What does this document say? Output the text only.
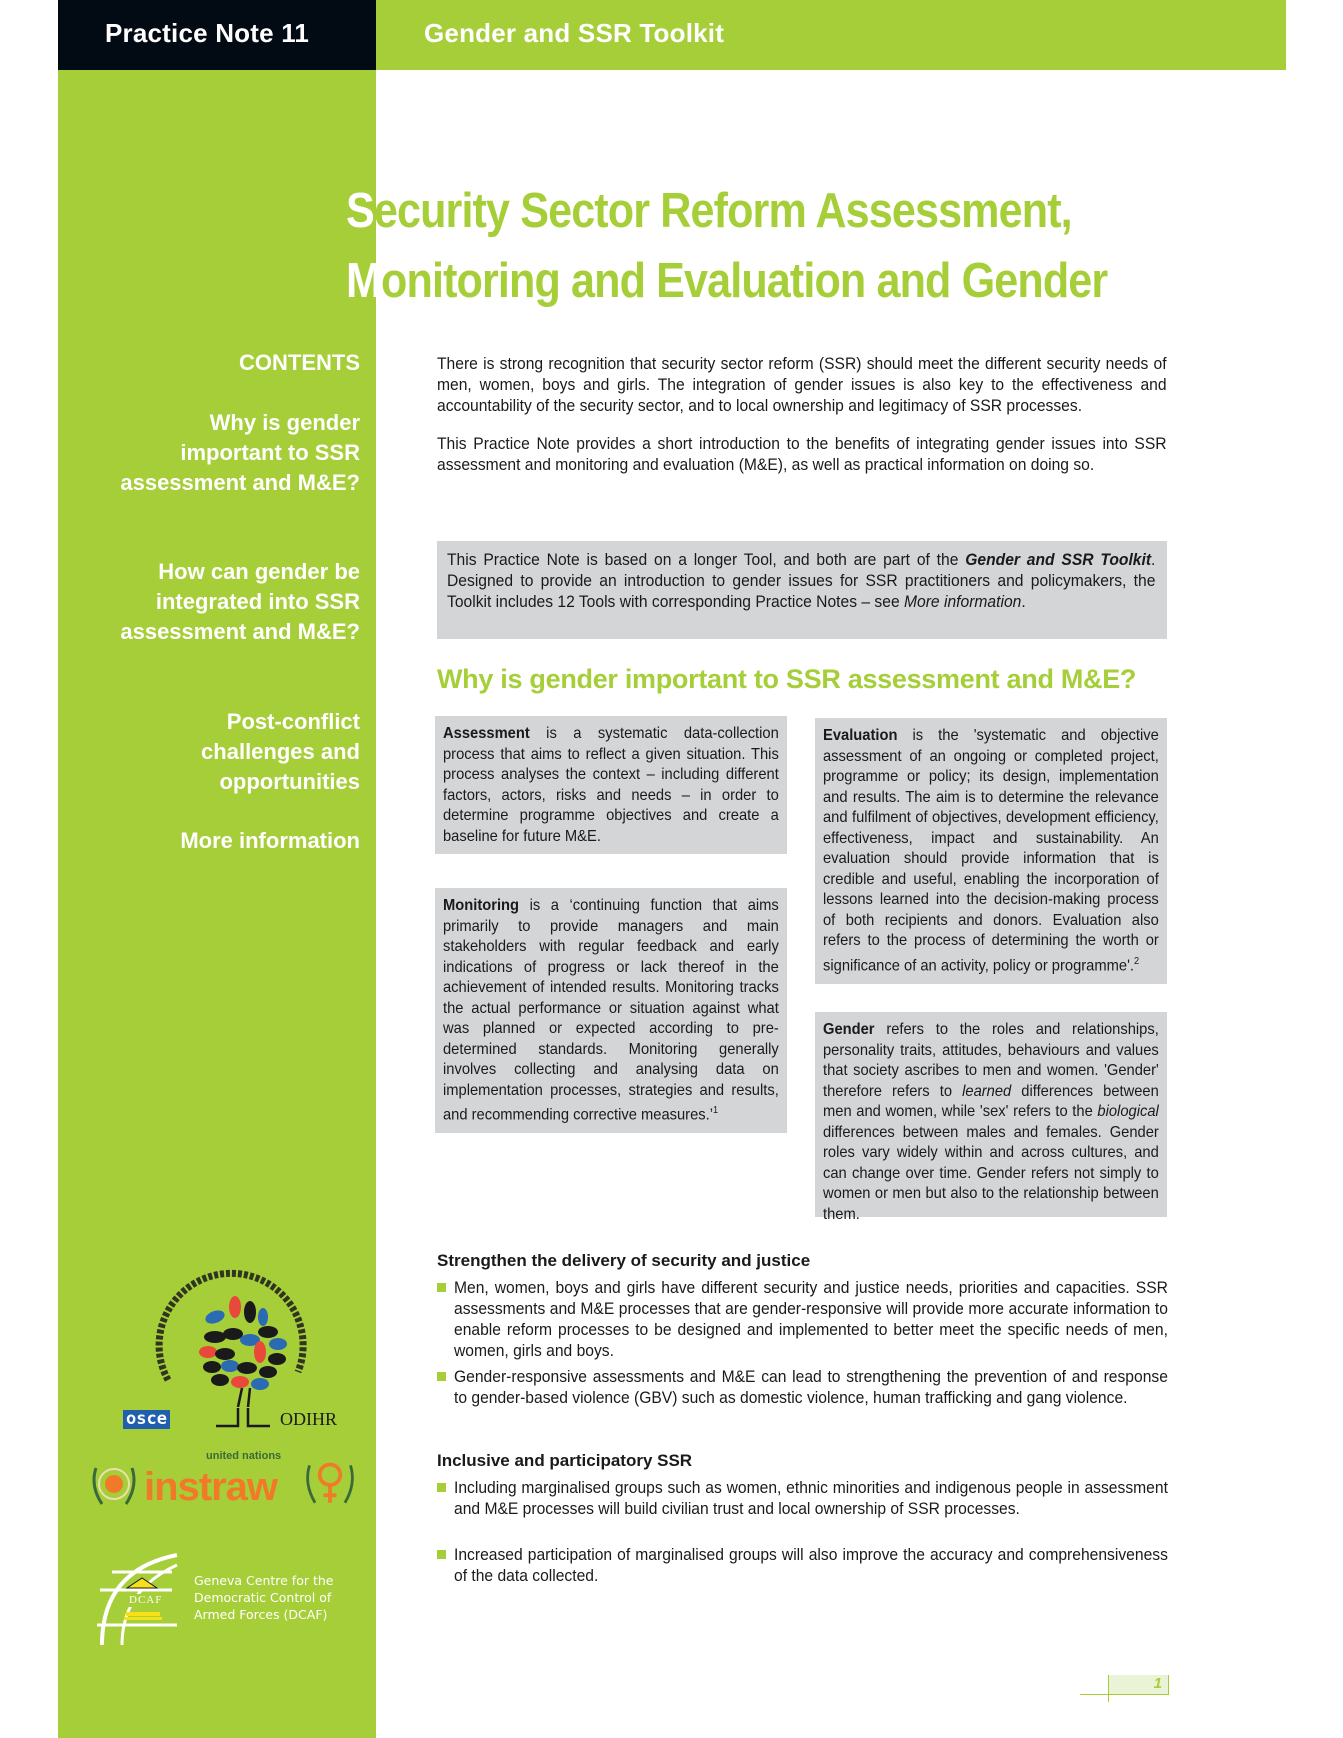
Practice Note 11	Gender and SSR Toolkit
Security Sector Reform Assessment,
Monitoring and Evaluation and Gender
CONTENTS
Why is gender important to SSR assessment and M&E?
How can gender be integrated into SSR assessment and M&E?
Post-conflict challenges and opportunities
More information

There is strong recognition that security sector reform (SSR) should meet the different security needs of men, women, boys and girls. The integration of gender issues is also key to the effectiveness and accountability of the security sector, and to local ownership and legitimacy of SSR processes.

This Practice Note provides a short introduction to the benefits of integrating gender issues into SSR assessment and monitoring and evaluation (M&E), as well as practical information on doing so.

This Practice Note is based on a longer Tool, and both are part of the Gender and SSR Toolkit. Designed to provide an introduction to gender issues for SSR practitioners and policymakers, the Toolkit includes 12 Tools with corresponding Practice Notes – see More information.
Why is gender important to SSR assessment and M&E?
Assessment is a systematic data-collection process that aims to reflect a given situation. This process analyses the context – including different factors, actors, risks and needs – in order to determine programme objectives and create a baseline for future M&E.
Monitoring is a ‘continuing function that aims primarily to provide managers and main stakeholders with regular feedback and early indications of progress or lack thereof in the achievement of intended results. Monitoring tracks the actual performance or situation against what was planned or expected according to pre-determined standards. Monitoring generally involves collecting and analysing data on implementation processes, strategies and results, and recommending corrective measures.’$^1$
Evaluation is the 'systematic and objective assessment of an ongoing or completed project, programme or policy; its design, implementation and results. The aim is to determine the relevance and fulfilment of objectives, development efficiency, effectiveness, impact and sustainability. An evaluation should provide information that is credible and useful, enabling the incorporation of lessons learned into the decision-making process of both recipients and donors. Evaluation also refers to the process of determining the worth or significance of an activity, policy or programme'.$^2$
Gender refers to the roles and relationships, personality traits, attitudes, behaviours and values that society ascribes to men and women. 'Gender' therefore refers to learned differences between men and women, while 'sex' refers to the biological differences between males and females. Gender roles vary widely within and across cultures, and can change over time. Gender refers not simply to women or men but also to the relationship between them.
Strengthen the delivery of security and justice
Men, women, boys and girls have different security and justice needs, priorities and capacities. SSR assessments and M&E processes that are gender-responsive will provide more accurate information to enable reform processes to be designed and implemented to better meet the specific needs of men, women, girls and boys.
Gender-responsive assessments and M&E can lead to strengthening the prevention of and response to gender-based violence (GBV) such as domestic violence, human trafficking and gang violence.
Inclusive and participatory SSR
Including marginalised groups such as women, ethnic minorities and indigenous people in assessment and M&E processes will build civilian trust and local ownership of SSR processes.
Increased participation of marginalised groups will also improve the accuracy and comprehensiveness of the data collected.
osce	ODIHR
united nations
instraw
DCAF
Geneva Centre for the
Democratic Control of
Armed Forces (DCAF)
1
